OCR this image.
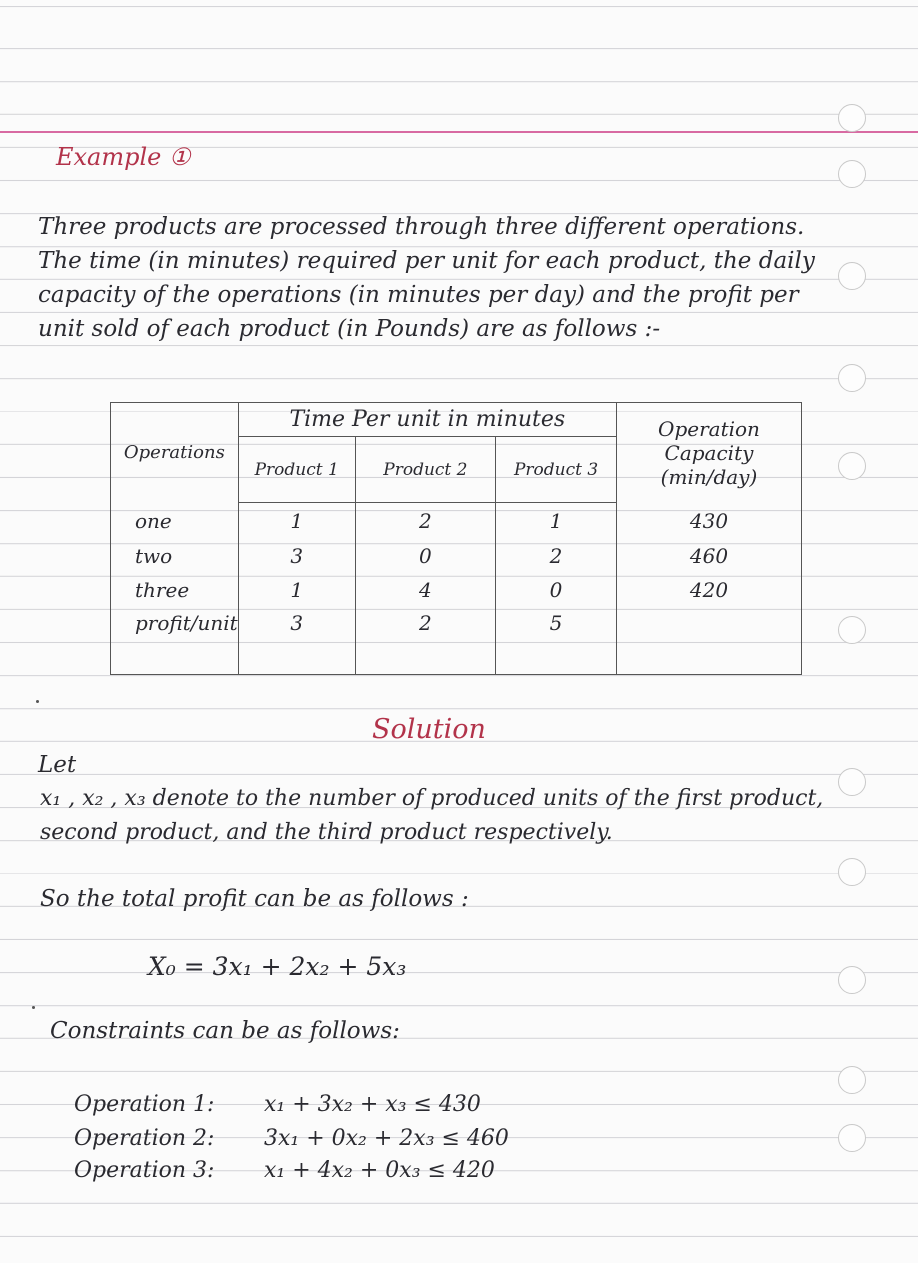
Example ①
Three products are processed through three different operations. The time (in minutes) required per unit for each product, the daily capacity of the operations (in minutes per day) and the profit per unit sold of each product (in Pounds) are as follows :-
Operations	Time Per unit in minutes			Operation Capacity (min/day)
	Product 1	Product 2	Product 3	
one	1	2	1	430
two	3	0	2	460
three	1	4	0	420
profit/unit	3	2	5	
Solution
Let
x₁ , x₂ , x₃ denote to the number of produced units of the first product, second product, and the third product respectively.
So the total profit can be as follows :
X₀ = 3x₁ + 2x₂ + 5x₃
Constraints can be as follows:
Operation 1: x₁ + 3x₂ + x₃ ≤ 430
Operation 2: 3x₁ + 0x₂ + 2x₃ ≤ 460
Operation 3: x₁ + 4x₂ + 0x₃ ≤ 420
